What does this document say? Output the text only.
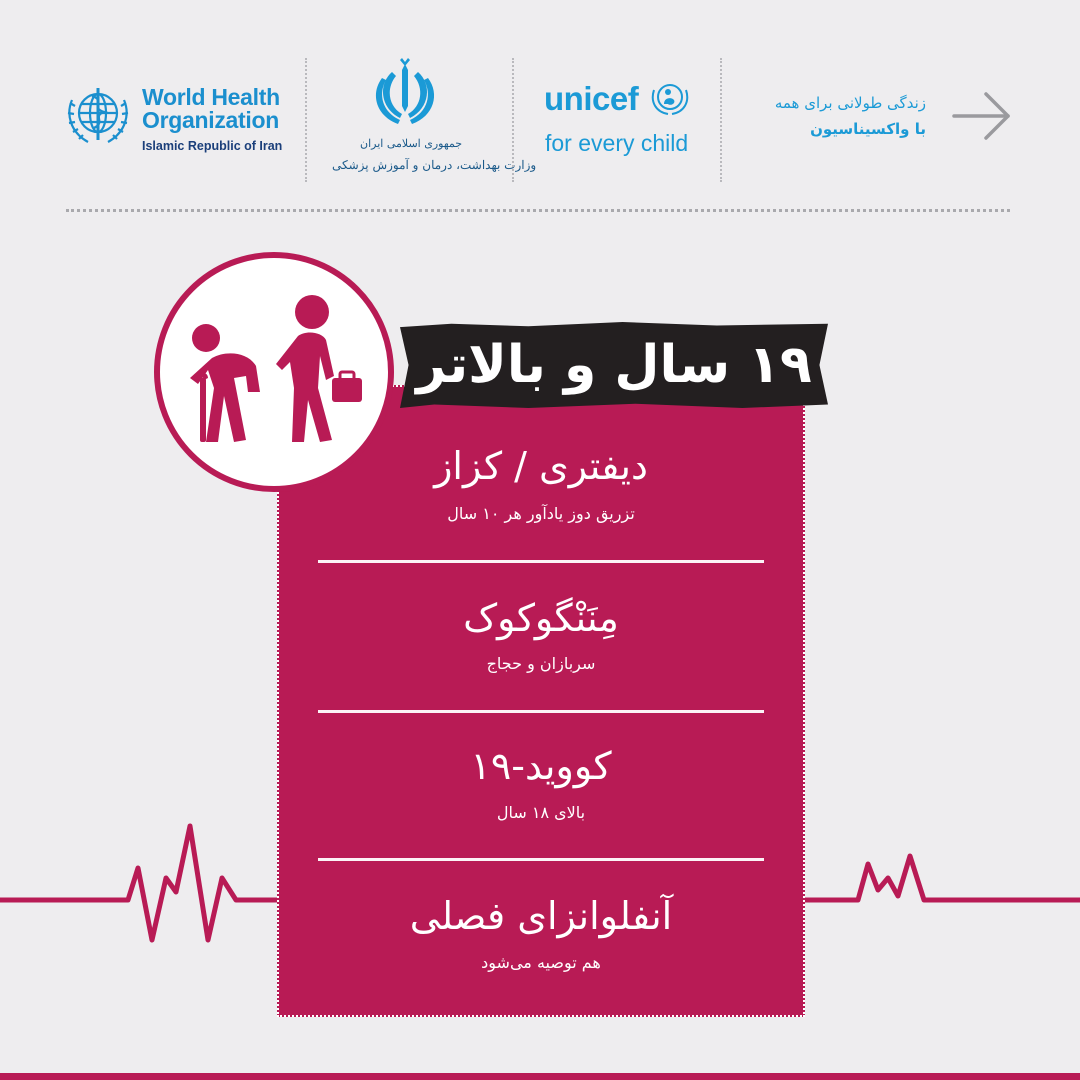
World Health
Organization
Islamic Republic of Iran	جمهوری اسلامی ایران
وزارت بهداشت، درمان و آموزش پزشکی
unicef
for every child
زندگی طولانی برای همه
با واکسیناسیون
۱۹ سال و بالاتر
دیفتری / کزاز
تزریق دوز یادآور هر ۱۰ سال
مِنَنْگوکوک
سربازان و حجاج
کووید-۱۹
بالای ۱۸ سال
آنفلوانزای فصلی
هم توصیه می‌شود
